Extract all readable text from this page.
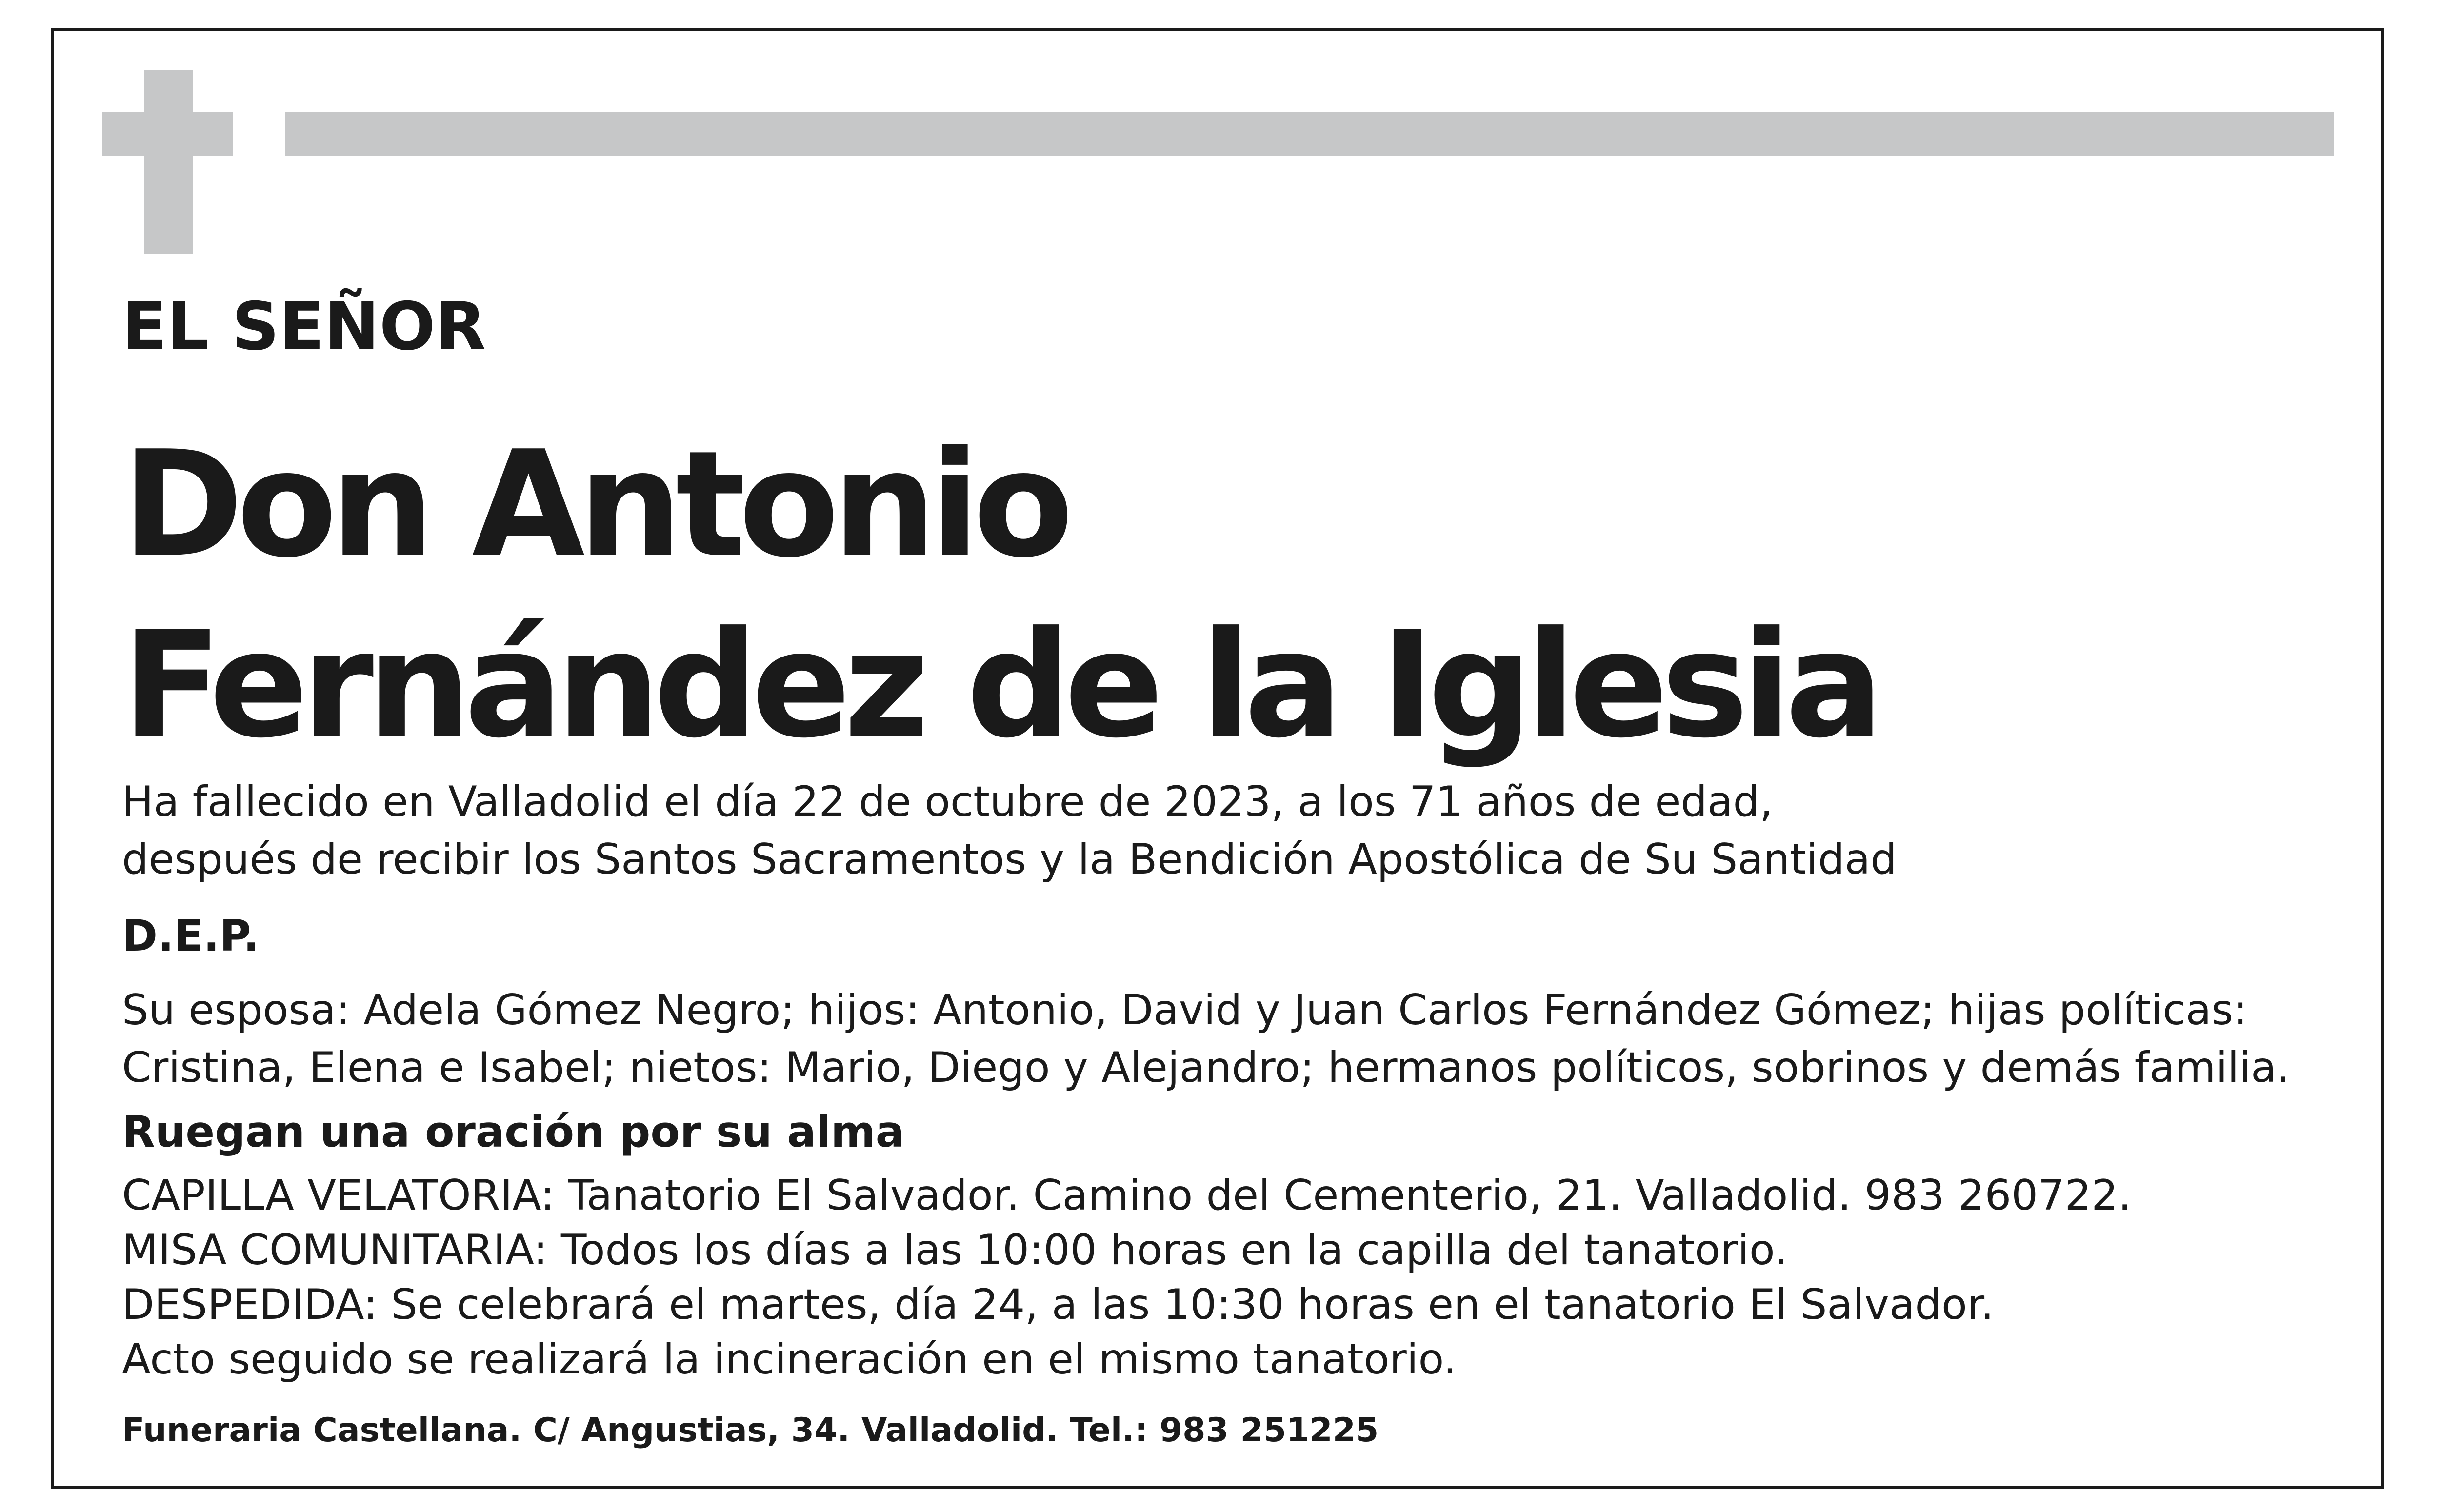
EL SEÑOR

Don Antonio
Fernández de la Iglesia

Ha fallecido en Valladolid el día 22 de octubre de 2023, a los 71 años de edad,
después de recibir los Santos Sacramentos y la Bendición Apostólica de Su Santidad

D.E.P.

Su esposa: Adela Gómez Negro; hijos: Antonio, David y Juan Carlos Fernández Gómez; hijas políticas:
Cristina, Elena e Isabel; nietos: Mario, Diego y Alejandro; hermanos políticos, sobrinos y demás familia.

Ruegan una oración por su alma

CAPILLA VELATORIA: Tanatorio El Salvador. Camino del Cementerio, 21. Valladolid. 983 260722.
MISA COMUNITARIA: Todos los días a las 10:00 horas en la capilla del tanatorio.
DESPEDIDA: Se celebrará el martes, día 24, a las 10:30 horas en el tanatorio El Salvador.
Acto seguido se realizará la incineración en el mismo tanatorio.

Funeraria Castellana. C/ Angustias, 34. Valladolid. Tel.: 983 251225
